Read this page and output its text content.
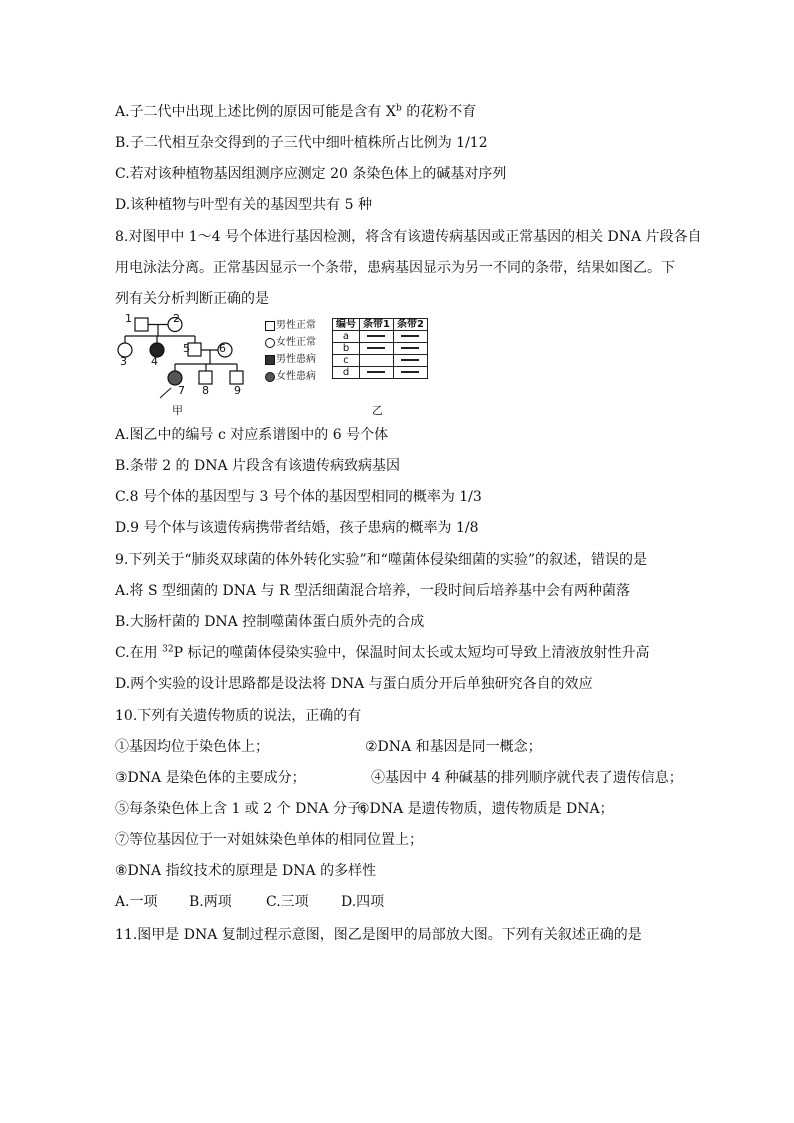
A.子二代中出现上述比例的原因可能是含有 $X^b$ 的花粉不育
B.子二代相互杂交得到的子三代中细叶植株所占比例为 1/12
C.若对该种植物基因组测序应测定 20 条染色体上的碱基对序列
D.该种植物与叶型有关的基因型共有 5 种
8.对图甲中 1～4 号个体进行基因检测，将含有该遗传病基因或正常基因的相关 DNA 片段各自
用电泳法分离。正常基因显示一个条带，患病基因显示为另一不同的条带，结果如图乙。下
列有关分析判断正确的是
2
3 4
5	6
7 8 9
1
男性正常
女性正常
男性患病
女性患病
编号	条带1	条带2
a		
b		
c		
d		
甲	乙
A.图乙中的编号 c 对应系谱图中的 6 号个体
B.条带 2 的 DNA 片段含有该遗传病致病基因
C.8 号个体的基因型与 3 号个体的基因型相同的概率为 1/3
D.9 号个体与该遗传病携带者结婚，孩子患病的概率为 1/8
9.下列关于“肺炎双球菌的体外转化实验”和“噬菌体侵染细菌的实验”的叙述，错误的是
A.将 S 型细菌的 DNA 与 R 型活细菌混合培养，一段时间后培养基中会有两种菌落
B.大肠杆菌的 DNA 控制噬菌体蛋白质外壳的合成
C.在用 $^{32}$P 标记的噬菌体侵染实验中，保温时间太长或太短均可导致上清液放射性升高
D.两个实验的设计思路都是设法将 DNA 与蛋白质分开后单独研究各自的效应
10.下列有关遗传物质的说法，正确的有
①基因均位于染色体上；	②DNA 和基因是同一概念；
③DNA 是染色体的主要成分；	④基因中 4 种碱基的排列顺序就代表了遗传信息；
⑤每条染色体上含 1 或 2 个 DNA 分子；
⑥DNA 是遗传物质，遗传物质是 DNA；
⑦等位基因位于一对姐妹染色单体的相同位置上；
⑧DNA 指纹技术的原理是 DNA 的多样性
A.一项 B.两项 C.三项 D.四项
11.图甲是 DNA 复制过程示意图，图乙是图甲的局部放大图。下列有关叙述正确的是
